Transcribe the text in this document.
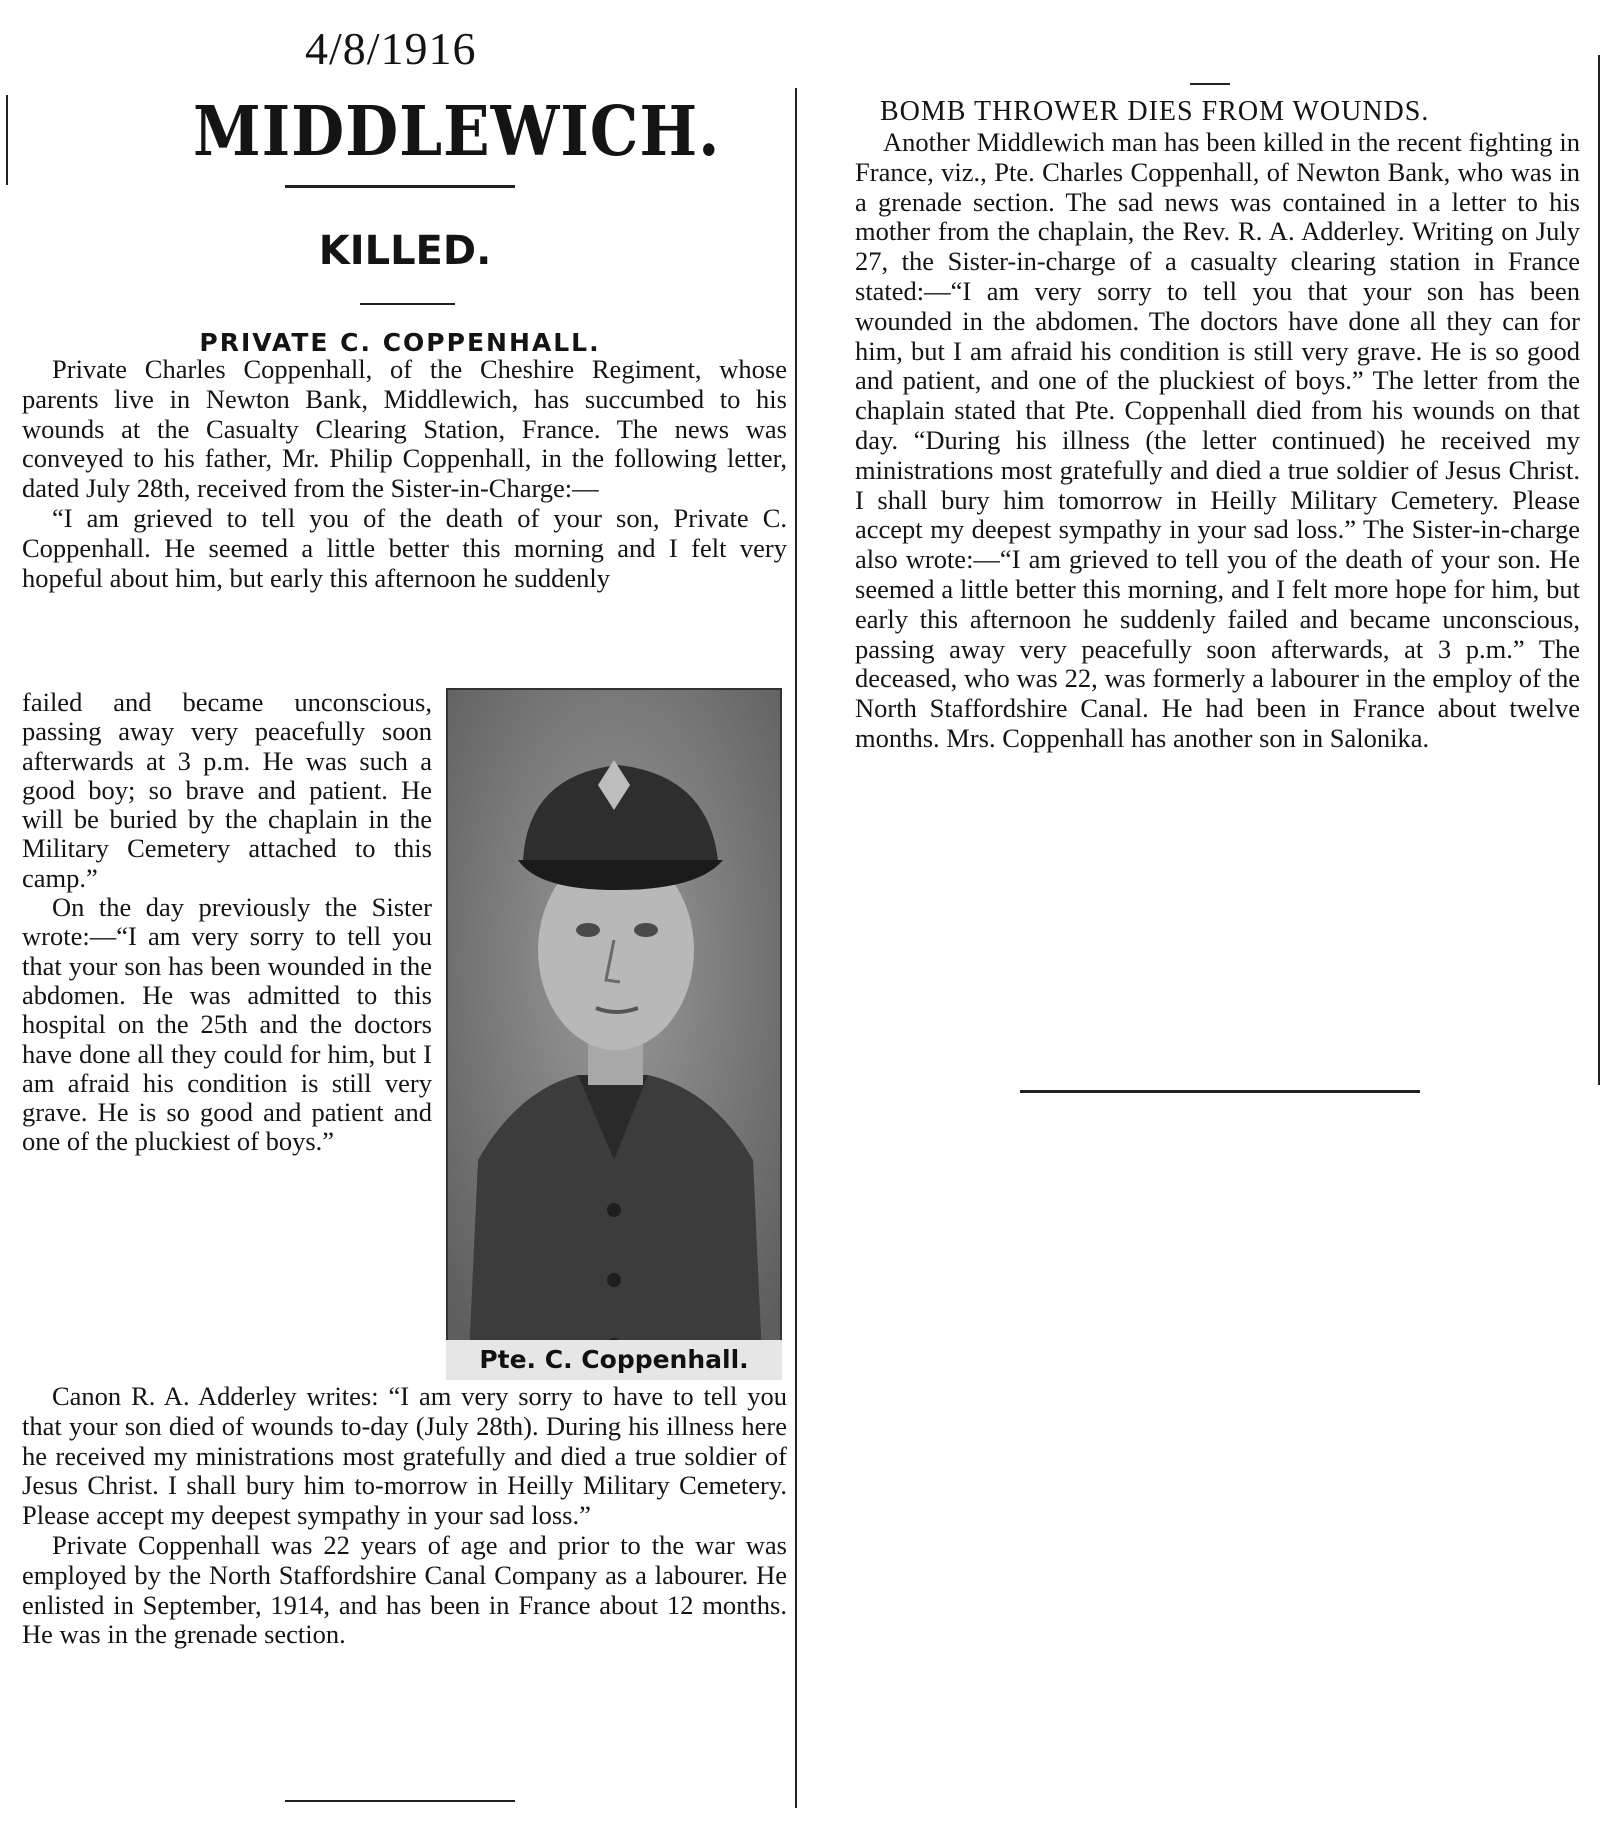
4/8/1916
MIDDLEWICH.
KILLED.
PRIVATE C. COPPENHALL.

Private Charles Coppenhall, of the Cheshire Regiment, whose parents live in Newton Bank, Middlewich, has succumbed to his wounds at the Casualty Clearing Station, France. The news was conveyed to his father, Mr. Philip Coppenhall, in the following letter, dated July 28th, received from the Sister-in-Charge:—

“I am grieved to tell you of the death of your son, Private C. Coppenhall. He seemed a little better this morning and I felt very hopeful about him, but early this afternoon he suddenly

failed and became unconscious, passing away very peacefully soon afterwards at 3 p.m. He was such a good boy; so brave and patient. He will be buried by the chaplain in the Military Cemetery attached to this camp.”
On the day previously the Sister wrote:—“I am very sorry to tell you that your son has been wounded in the abdomen. He was admitted to this hospital on the 25th and the doctors have done all they could for him, but I am afraid his condition is still very grave. He is so good and patient and one of the pluckiest of boys.”
Pte. C. Coppenhall.

Canon R. A. Adderley writes: “I am very sorry to have to tell you that your son died of wounds to-day (July 28th). During his illness here he received my ministrations most gratefully and died a true soldier of Jesus Christ. I shall bury him to-morrow in Heilly Military Cemetery. Please accept my deepest sympathy in your sad loss.”

Private Coppenhall was 22 years of age and prior to the war was employed by the North Staffordshire Canal Company as a labourer. He enlisted in September, 1914, and has been in France about 12 months. He was in the grenade section.

BOMB THROWER DIES FROM WOUNDS.

Another Middlewich man has been killed in the recent fighting in France, viz., Pte. Charles Coppenhall, of Newton Bank, who was in a grenade section. The sad news was contained in a letter to his mother from the chaplain, the Rev. R. A. Adderley. Writing on July 27, the Sister-in-charge of a casualty clearing station in France stated:—“I am very sorry to tell you that your son has been wounded in the abdomen. The doctors have done all they can for him, but I am afraid his condition is still very grave. He is so good and patient, and one of the pluckiest of boys.” The letter from the chaplain stated that Pte. Coppenhall died from his wounds on that day. “During his illness (the letter continued) he received my ministrations most gratefully and died a true soldier of Jesus Christ. I shall bury him tomorrow in Heilly Military Cemetery. Please accept my deepest sympathy in your sad loss.” The Sister-in-charge also wrote:—“I am grieved to tell you of the death of your son. He seemed a little better this morning, and I felt more hope for him, but early this afternoon he suddenly failed and became unconscious, passing away very peacefully soon afterwards, at 3 p.m.” The deceased, who was 22, was formerly a labourer in the employ of the North Staffordshire Canal. He had been in France about twelve months. Mrs. Coppenhall has another son in Salonika.
